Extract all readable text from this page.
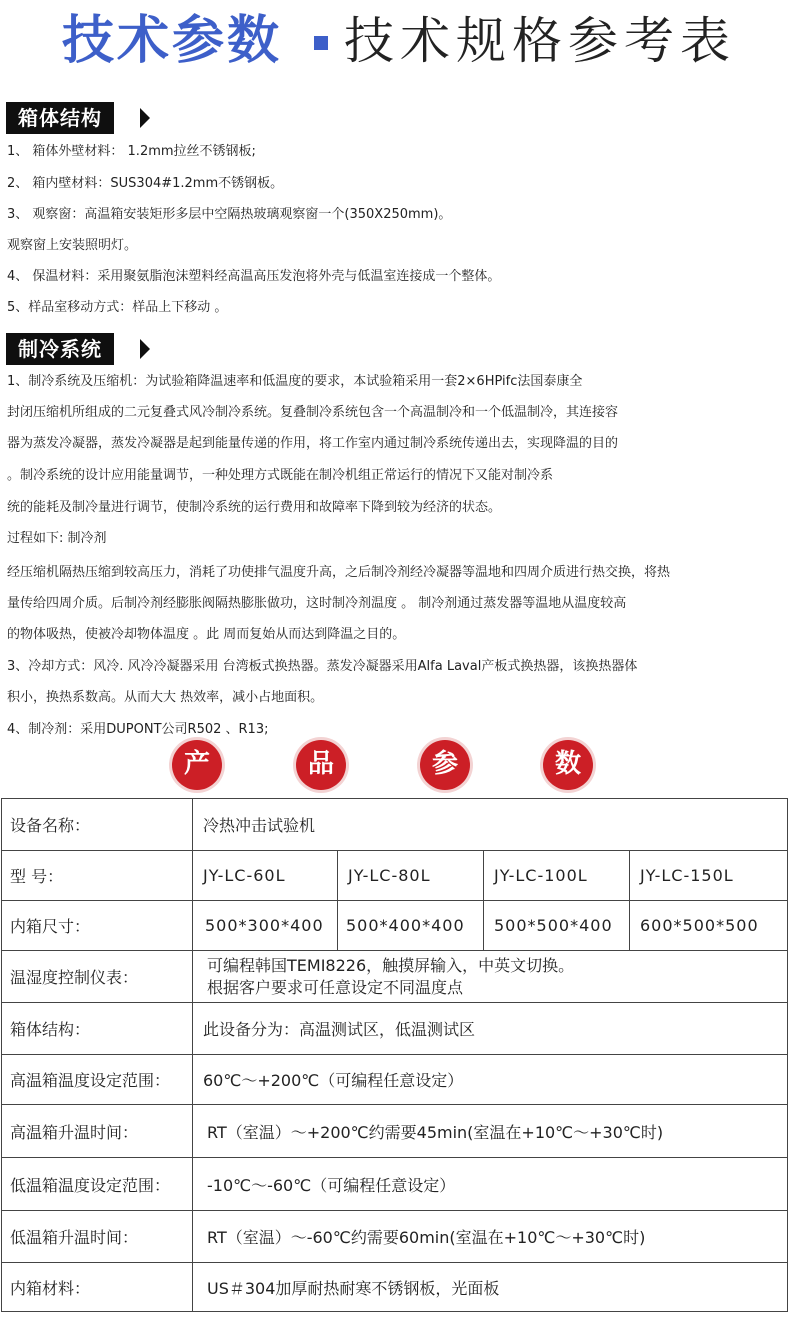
技术参数 技术规格参考表
箱体结构
1、 箱体外壁材料： 1.2mm拉丝不锈钢板;
2、 箱内壁材料：SUS304#1.2mm不锈钢板。
3、 观察窗：高温箱安装矩形多层中空隔热玻璃观察窗一个(350X250mm)。
观察窗上安装照明灯。
4、 保温材料：采用聚氨脂泡沫塑料经高温高压发泡将外壳与低温室连接成一个整体。
5、样品室移动方式：样品上下移动 。
制冷系统
1、制冷系统及压缩机：为试验箱降温速率和低温度的要求，本试验箱采用一套2×6HPifc法国泰康全
封闭压缩机所组成的二元复叠式风冷制冷系统。复叠制冷系统包含一个高温制冷和一个低温制冷，其连接容
器为蒸发冷凝器，蒸发冷凝器是起到能量传递的作用，将工作室内通过制冷系统传递出去，实现降温的目的
。制冷系统的设计应用能量调节，一种处理方式既能在制冷机组正常运行的情况下又能对制冷系
统的能耗及制冷量进行调节，使制冷系统的运行费用和故障率下降到较为经济的状态。
过程如下: 制冷剂
经压缩机隔热压缩到较高压力，消耗了功使排气温度升高，之后制冷剂经冷凝器等温地和四周介质进行热交换，将热
量传给四周介质。后制冷剂经膨胀阀隔热膨胀做功，这时制冷剂温度 。 制冷剂通过蒸发器等温地从温度较高
的物体吸热，使被冷却物体温度 。此 周而复始从而达到降温之目的。
3、冷却方式：风冷. 风冷冷凝器采用 台湾板式换热器。蒸发冷凝器采用Alfa Laval产板式换热器，该换热器体
积小，换热系数高。从而大大 热效率，减小占地面积。
4、制冷剂：采用DUPONT公司R502 、R13;
产	品	参	数
设备名称：	冷热冲击试验机			
型 号：	JY-LC-60L	JY-LC-80L	JY-LC-100L	JY-LC-150L
内箱尺寸：	500*300*400	500*400*400	500*500*400	600*500*500
温湿度控制仪表：	可编程韩国TEMI8226，触摸屏输入，中英文切换。
根据客户要求可任意设定不同温度点			

箱体结构：	此设备分为：高温测试区，低温测试区			
高温箱温度设定范围：	60℃～+200℃（可编程任意设定）			
高温箱升温时间：	RT（室温）～+200℃约需要45min(室温在+10℃～+30℃时)			
低温箱温度设定范围：	-10℃～-60℃（可编程任意设定）			
低温箱升温时间：	RT（室温）～-60℃约需要60min(室温在+10℃～+30℃时)			
内箱材料：	US＃304加厚耐热耐寒不锈钢板，光面板			
